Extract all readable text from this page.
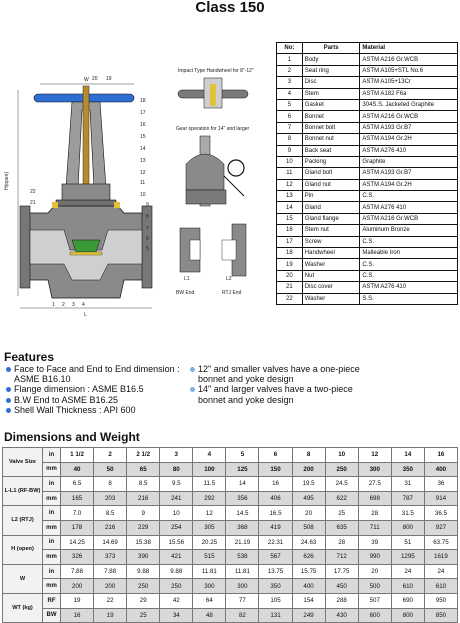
Class 150
W
H(open)
L
18
17
16
15
14
13
12
11
10
9
8
7
6
5
22
21
1 2 3 4
20 19
Impact Type Handwheel for 8"-12"
Gear operation for 14" and larger
BW End
L1
RTJ End
L2
No:	Parts	Material
1	Body	ASTM A216 Gr.WCB
2	Seat ring	ASTM A105+STL No.6
3	Disc	ASTM A105+13Cr
4	Stem	ASTM A182 F6a
5	Gasket	304S.S. Jacketed Graphite
6	Bonnet	ASTM A216 Gr.WCB
7	Bonnet bolt	ASTM A193 Gr.B7
8	Bonnet nut	ASTM A194 Gr.2H
9	Back seat	ASTM A276 410
10	Packing	Graphite
11	Gland bolt	ASTM A193 Gr.B7
12	Gland nut	ASTM A194 Gr.2H
13	Pin	C.S.
14	Gland	ASTM A276 410
15	Gland flange	ASTM A216 Gr.WCB
16	Stem nut	Aluminum Bronze
17	Screw	C.S.
18	Handwheel	Malleable Iron
19	Washer	C.S.
20	Nut	C.S.
21	Disc cover	ASTM A276 410
22	Washer	S.S.
Features
Face to Face and End to End dimension :
ASME B16.10
Flange dimension : ASME B16.5
B.W End to ASME B16.25
Shell Wall Thickness : API 600
12" and smaller valves have a one-piece
bonnet and yoke design
14" and larger valves have a two-piece
bonnet and yoke design
Dimensions and Weight
Valve Size	in	1 1/2	2	2 1/2	3	4	5	6	8	10	12	14	16
	mm	40	50	65	80	100	125	150	200	250	300	350	400
L-L1 (RF-BW)	in	6.5	8	8.5	9.5	11.5	14	16	19.5	24.5	27.5	31	36
	mm	165	203	216	241	292	356	406	495	622	698	787	914
L2 (RTJ)	in	7.0	8.5	9	10	12	14.5	16.5	20	25	28	31.5	36.5
	mm	178	216	229	254	305	368	419	508	635	711	800	927
H (open)	in	14.25	14.69	15.38	15.56	20.25	21.19	22.31	24.63	28	39	51	63.75
	mm	326	373	390	421	515	538	567	626	712	990	1295	1619
W	in	7.88	7.88	9.88	9.88	11.81	11.81	13.75	15.75	17.75	20	24	24
	mm	200	200	250	250	300	300	350	400	450	500	610	610
WT (kg)	RF	19	22	29	42	64	77	105	154	288	507	690	950
	BW	16	19	25	34	48	82	131	249	430	600	800	850
